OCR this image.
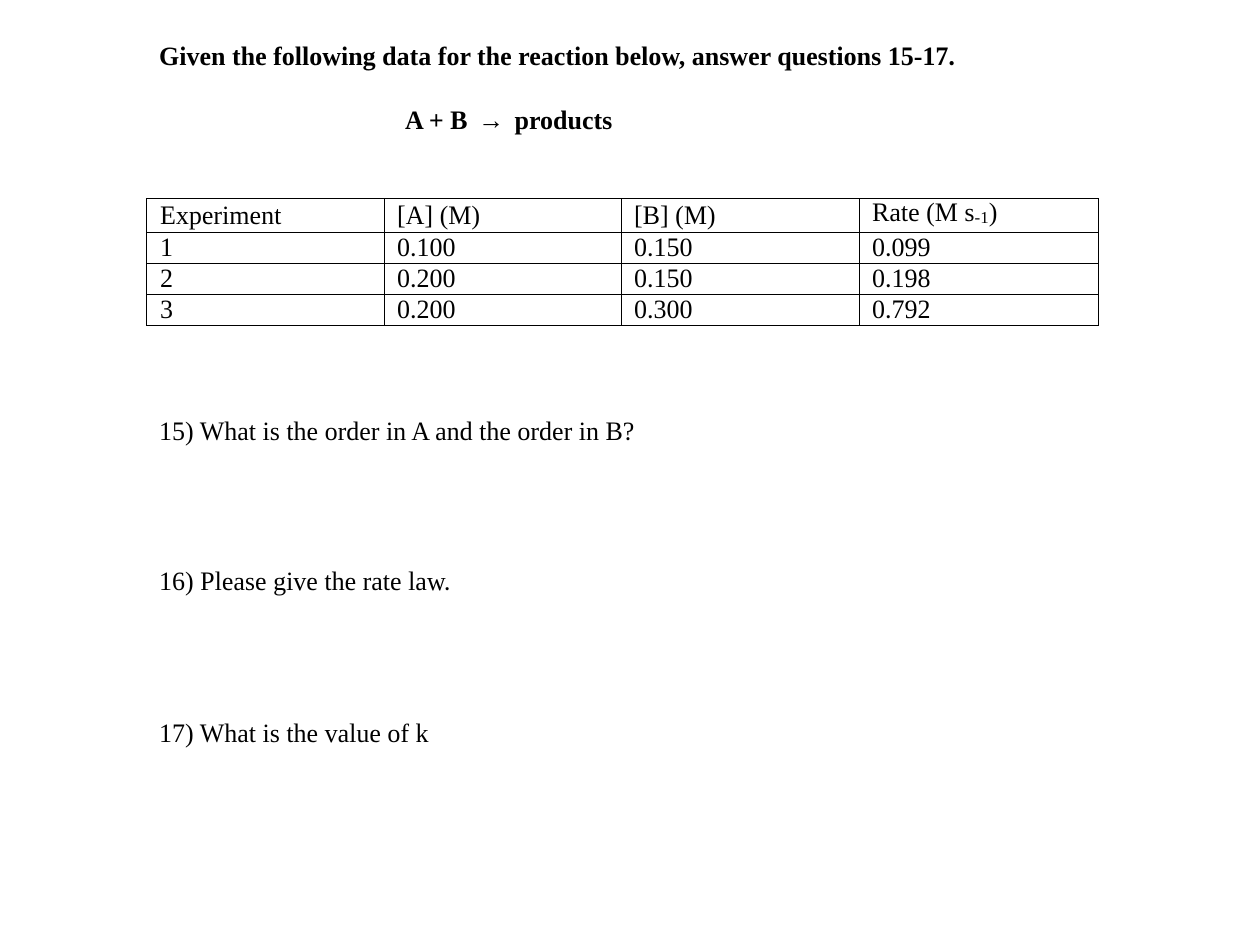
Given the following data for the reaction below, answer questions 15-17.
A + B → products
Experiment	[A] (M)	[B] (M)	Rate (M s-1)
1	0.100	0.150	0.099
2	0.200	0.150	0.198
3	0.200	0.300	0.792
15) What is the order in A and the order in B?
16) Please give the rate law.
17) What is the value of k
